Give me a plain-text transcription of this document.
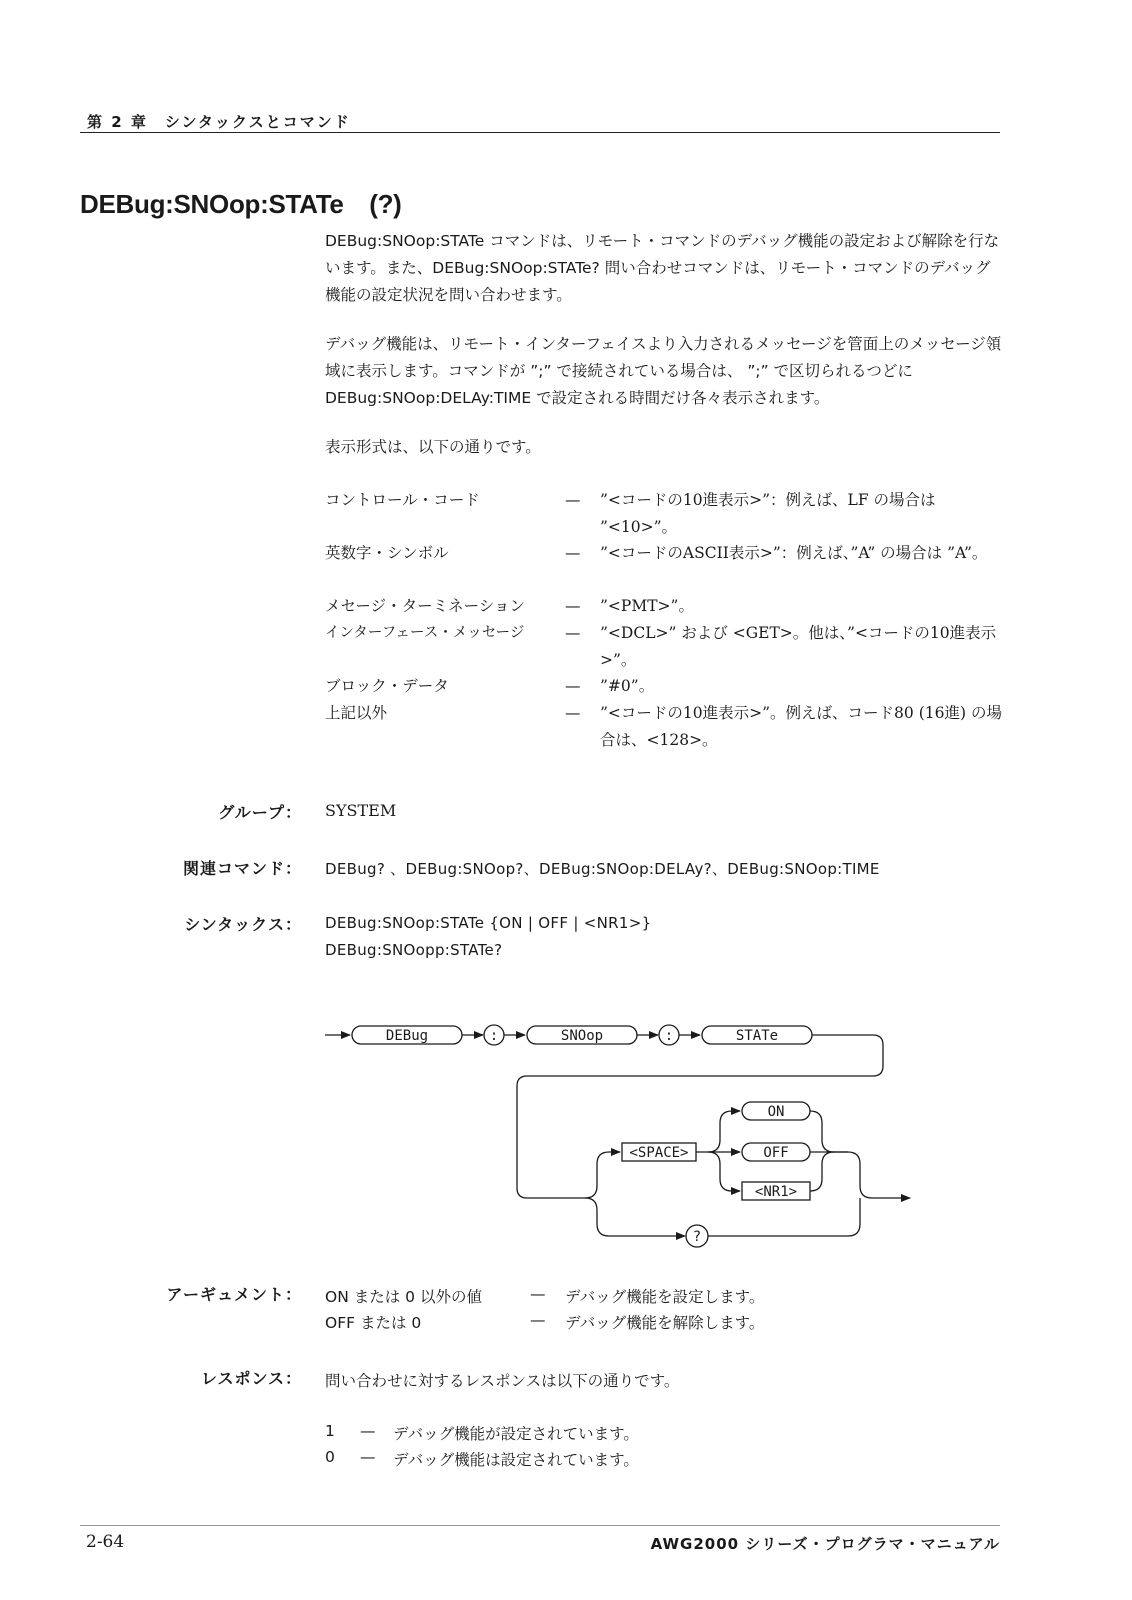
第 2 章　シンタックスとコマンド
DEBug:SNOop:STATe　(?)
DEBug:SNOop:STATe コマンドは、リモート・コマンドのデバッグ機能の設定および解除を行ないます。また、DEBug:SNOop:STATe? 問い合わせコマンドは、リモート・コマンドのデバッグ機能の設定状況を問い合わせます。
デバッグ機能は、リモート・インターフェイスより入力されるメッセージを管面上のメッセージ領域に表示します。コマンドが ”;” で接続されている場合は、 ”;” で区切られるつどに DEBug:SNOop:DELAy:TIME で設定される時間だけ各々表示されます。
表示形式は、以下の通りです。
コントロール・コード	— ”<コードの10進表示>”：例えば、LF の場合は ”<10>”。
英数字・シンボル	— ”<コードのASCII表示>”：例えば、”A” の場合は ”A”。
メセージ・ターミネーション	— ”<PMT>”。
インターフェース・メッセージ	— ”<DCL>” および <GET>。他は、”<コードの10進表示>”。
ブロック・データ	— ”#0”。
上記以外	— ”<コードの10進表示>”。例えば、コード80 (16進) の場合は、<128>。
グループ： SYSTEM
関連コマンド： DEBug? 、DEBug:SNOop?、DEBug:SNOop:DELAy?、DEBug:SNOop:TIME
シンタックス： DEBug:SNOop:STATe {ON | OFF | <NR1>}
DEBug:SNOopp:STATe?
DEBug	:	SNOop	:	STATe
<SPACE>
ON
OFF
<NR1>
?
アーギュメント： ON または 0 以外の値	— デバッグ機能を設定します。
OFF または 0	— デバッグ機能を解除します。
レスポンス： 問い合わせに対するレスポンスは以下の通りです。
1 — デバッグ機能が設定されています。
0 — デバッグ機能は設定されています。
2-64	AWG2000 シリーズ・プログラマ・マニュアル
